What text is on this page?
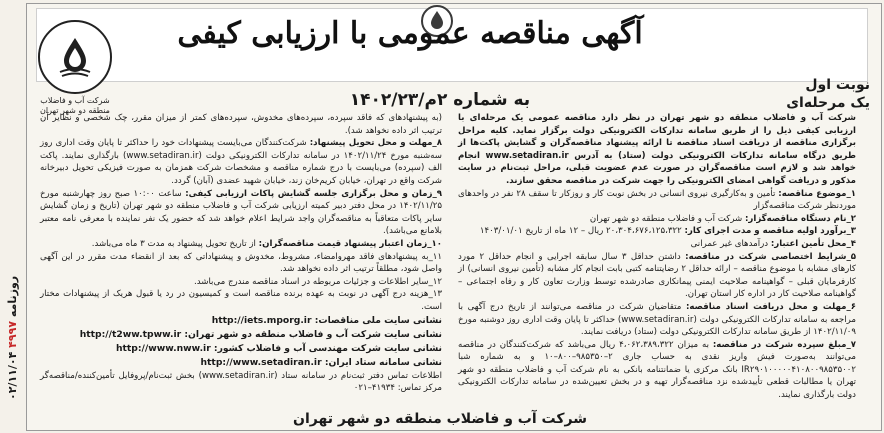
روزنامه ۴۹۹۷ ۰۲/۱۱/۰۴
آگهی مناقصه عمومی با ارزیابی کیفی
به شماره ۲م/۱۴۰۲/۲۳
نوبت اول
یک مرحله‌ای
شرکت آب و فاضلاب
منطقه دو شهر تهران

شرکت آب و فاضلاب منطقه دو شهر تهران در نظر دارد مناقصه عمومی یک مرحله‌ای با ارزیابی کیفی ذیل را از طریق سامانه تدارکات الکترونیکی دولت برگزار نماید. کلیه مراحل برگزاری مناقصه از دریافت اسناد مناقصه تا ارائه پیشنهاد مناقصه‌گران و گشایش پاکت‌ها از طریق درگاه سامانه تدارکات الکترونیکی دولت (ستاد) به آدرس www.setadiran.ir انجام خواهد شد و لازم است مناقصه‌گران در صورت عدم عضویت قبلی، مراحل ثبت‌نام در سایت مذکور و دریافت گواهی امضای الکترونیکی را جهت شرکت در مناقصه محقق سازند.

۱_موضوع مناقصه: تأمین و به‌کارگیری نیروی انسانی در بخش نوبت کار و روزکار تا سقف ۲۸ نفر در واحدهای موردنظر شرکت مناقصه‌گزار

۲_نام دستگاه مناقصه‌گزار: شرکت آب و فاضلاب منطقه دو شهر تهران

۳_برآورد اولیه مناقصه و مدت اجرای کار: ۲۰،۳۰۴،۶۷۶،۱۲۵،۳۲۲ ریال – ۱۲ ماه از تاریخ ۱۴۰۳/۰۱/۰۱

۴_محل تأمین اعتبار: درآمدهای غیر عمرانی

۵_شرایط اختصاصی شرکت در مناقصه: داشتن حداقل ۳ سال سابقه اجرایی و انجام حداقل ۲ مورد کارهای مشابه با موضوع مناقصه – ارائه حداقل ۲ رضایتنامه کتبی بابت انجام کار مشابه (تأمین نیروی انسانی) از کارفرمایان قبلی – گواهینامه صلاحیت ایمنی پیمانکاری صادرشده توسط وزارت تعاون کار و رفاه اجتماعی – گواهینامه صلاحیت کار در اداره کار استان تهران.

۶_مهلت و محل دریافت اسناد مناقصه: متقاضیان شرکت در مناقصه می‌توانند از تاریخ درج آگهی با مراجعه به سامانه تدارکات الکترونیکی دولت (www.setadiran.ir) حداکثر تا پایان وقت اداری روز دوشنبه مورخ ۱۴۰۲/۱۱/۰۹ از طریق سامانه تدارکات الکترونیکی دولت (ستاد) دریافت نمایند.

۷_مبلغ سپرده شرکت در مناقصه: به میزان ۴،۰۶۲،۳۸۹،۳۲۲ ریال می‌باشد که شرکت‌کنندگان در مناقصه می‌توانند به‌صورت فیش واریز نقدی به حساب جاری ۲–۹۸۵۳۵۰–۸۰۰–۱۰ و به شماره شبا IR۲۹۰۱۰۰۰۰۰۴۱۰۸۰۰۹۸۵۳۵۰۰۲ بانک مرکزی یا ضمانتنامه بانکی به نام شرکت آب و فاضلاب منطقه دو شهر تهران یا مطالبات قطعی تأییدشده نزد مناقصه‌گزار تهیه و در بخش تعیین‌شده در سامانه تدارکات الکترونیکی دولت بارگذاری نمایند.

(به پیشنهادهای که فاقد سپرده، سپرده‌های مخدوش، سپرده‌های کمتر از میزان مقرر، چک شخصی و نظایر آن ترتیب اثر داده نخواهد شد).

۸_مهلت و محل تحویل پیشنهاد: شرکت‌کنندگان می‌بایست پیشنهادات خود را حداکثر تا پایان وقت اداری روز سه‌شنبه مورخ ۱۴۰۲/۱۱/۲۴ در سامانه تدارکات الکترونیکی دولت (www.setadiran.ir) بارگذاری نمایند. پاکت الف (سپرده) می‌بایست با درج شماره مناقصه و مشخصات شرکت همزمان به صورت فیزیکی تحویل دبیرخانه شرکت واقع در تهران، خیابان کریم‌خان زند، خیابان شهید عضدی (آبان) گردد.

۹_زمان و محل برگزاری جلسه گشایش پاکات ارزیابی کیفی: ساعت ۱۰:۰۰ صبح روز چهارشنبه مورخ ۱۴۰۲/۱۱/۲۵ در محل دفتر دبیر کمیته ارزیابی شرکت آب و فاضلاب منطقه دو شهر تهران (تاریخ و زمان گشایش سایر پاکات متعاقباً به مناقصه‌گران واجد شرایط اعلام خواهد شد که حضور یک نفر نماینده با معرفی نامه معتبر بلامانع می‌باشد).

۱۰_زمان اعتبار پیشنهاد قیمت مناقصه‌گران: از تاریخ تحویل پیشنهاد به مدت ۳ ماه می‌باشد.

۱۱_به پیشنهادهای فاقد مهروامضاء، مشروط، مخدوش و پیشنهاداتی که بعد از انقضاء مدت مقرر در این آگهی واصل شود، مطلقاً ترتیب اثر داده نخواهد شد.

۱۲_سایر اطلاعات و جزئیات مربوطه در اسناد مناقصه مندرج می‌باشد.

۱۳_هزینه درج آگهی در نوبت به عهده برنده مناقصه است و کمیسیون در رد یا قبول هریک از پیشنهادات مختار است.

نشانی سایت ملی مناقصات: http://iets.mporg.ir
نشانی سایت شرکت آب و فاضلاب منطقه دو شهر تهران: http://t2ww.tpww.ir
نشانی سایت شرکت مهندسی آب و فاضلاب کشور: http://www.nww.ir
نشانی سامانه ستاد ایران: http://www.setadiran.ir

اطلاعات تماس دفتر ثبت‌نام در سامانه ستاد (www.setadiran.ir) بخش ثبت‌نام/پروفایل تأمین‌کننده/مناقصه‌گر مرکز تماس: ۴۱۹۳۴–۰۲۱

شرکت آب و فاضلاب منطقه دو شهر تهران
